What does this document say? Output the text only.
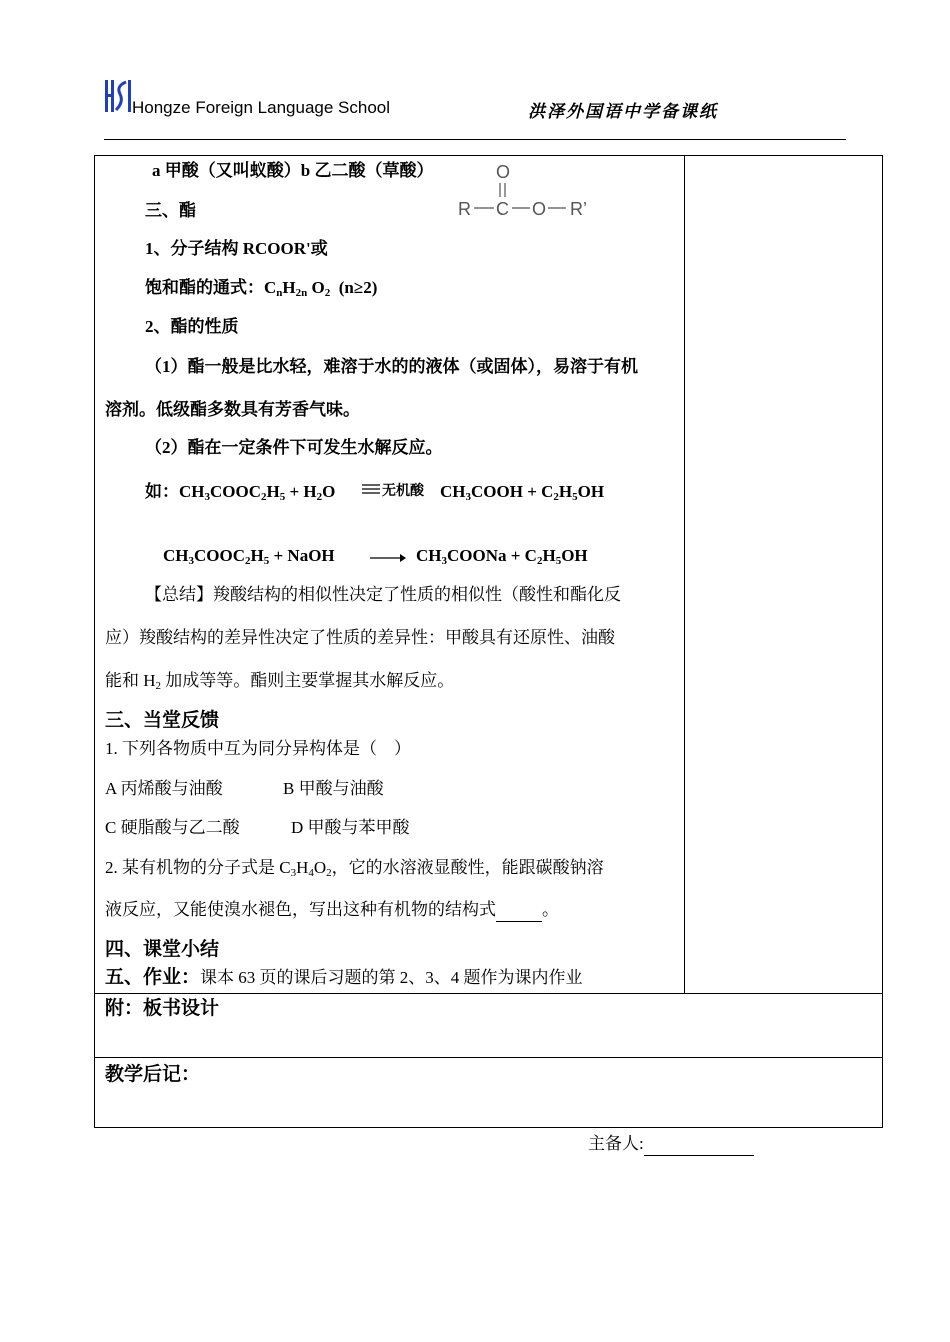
Hongze Foreign Language School	洪泽外国语中学备课纸
a 甲酸（又叫蚁酸）b 乙二酸（草酸）	O
R C O R’
三、酯
1、分子结构 RCOOR'或
饱和酯的通式：$C_nH_{2n}$ $O_2$ (n≥2)
2、酯的性质
（1）酯一般是比水轻，难溶于水的的液体（或固体），易溶于有机
溶剂。低级酯多数具有芳香气味。
（2）酯在一定条件下可发生水解反应。
如：$CH_3COOC_2H_5 + H_2O$	无机酸 $CH_3COOH + C_2H_5OH$
$CH_3COOC_2H_5$ + NaOH → $CH_3COONa + C_2H_5OH$
【总结】羧酸结构的相似性决定了性质的相似性（酸性和酯化反
应）羧酸结构的差异性决定了性质的差异性：甲酸具有还原性、油酸
能和 $H_2$ 加成等等。酯则主要掌握其水解反应。
三、当堂反馈
1. 下列各物质中互为同分异构体是（　）
A 丙烯酸与油酸	B 甲酸与油酸
C 硬脂酸与乙二酸	D 甲酸与苯甲酸
2. 某有机物的分子式是 $C_3H_4O_2$，它的水溶液显酸性，能跟碳酸钠溶
液反应，又能使溴水褪色，写出这种有机物的结构式	。
四、课堂小结
五、作业：课本 63 页的课后习题的第 2、3、4 题作为课内作业
附：板书设计
教学后记：
主备人:
